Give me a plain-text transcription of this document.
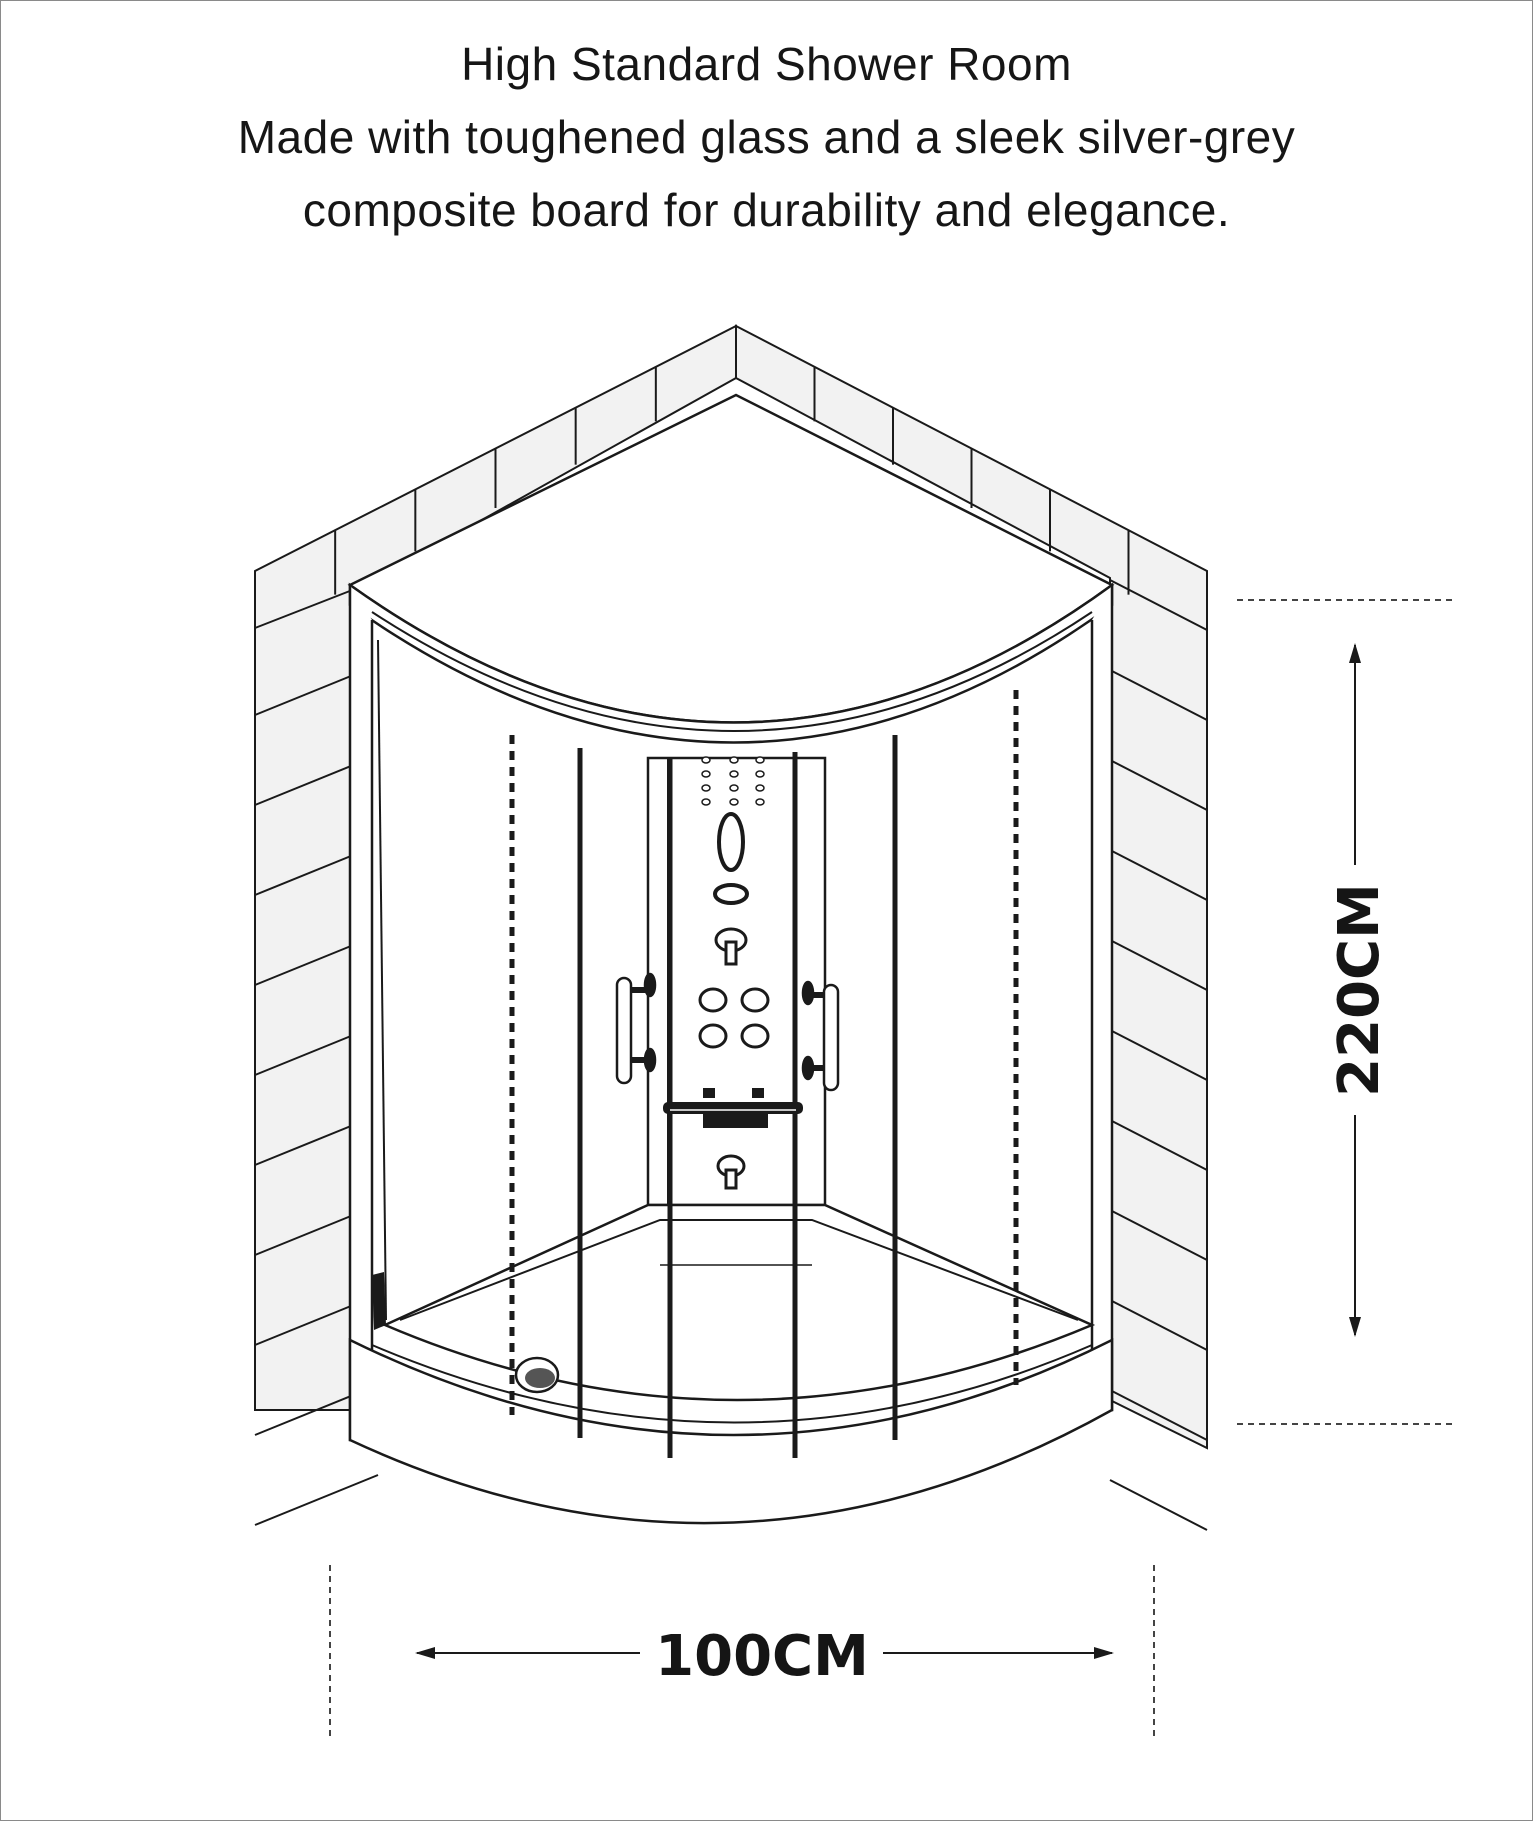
High Standard Shower Room
Made with toughened glass and a sleek silver-grey
composite board for durability and elegance.
220CM
100CM
